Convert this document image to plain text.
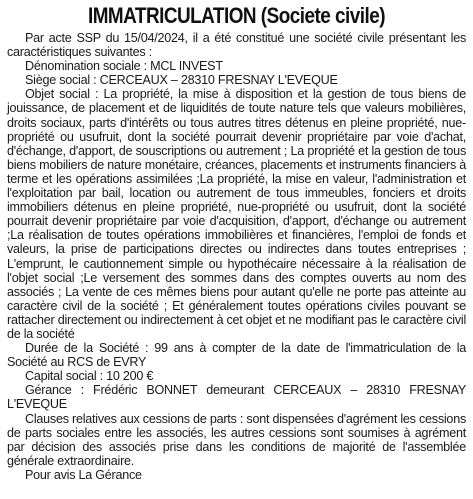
IMMATRICULATION (Societe civile)

Par acte SSP du 15/04/2024, il a été constitué une société civile présentant les caractéristiques suivantes :

Dénomination sociale : MCL INVEST

Siège social : CERCEAUX – 28310 FRESNAY L'EVEQUE

Objet social : La propriété, la mise à disposition et la gestion de tous biens de jouissance, de placement et de liquidités de toute nature tels que valeurs mobilières, droits sociaux, parts d'intérêts ou tous autres titres détenus en pleine propriété, nue-propriété ou usufruit, dont la société pourrait devenir propriétaire par voie d'achat, d'échange, d'apport, de souscriptions ou autrement ; La propriété et la gestion de tous biens mobiliers de nature monétaire, créances, placements et instruments financiers à terme et les opérations assimilées ;La propriété, la mise en valeur, l'administration et l'exploitation par bail, location ou autrement de tous immeubles, fonciers et droits immobiliers détenus en pleine propriété, nue-propriété ou usufruit, dont la société pourrait devenir propriétaire par voie d'acquisition, d'apport, d'échange ou autrement ;La réalisation de toutes opérations immobilières et financières, l'emploi de fonds et valeurs, la prise de participations directes ou indirectes dans toutes entreprises ; L'emprunt, le cautionnement simple ou hypothécaire nécessaire à la réalisation de l'objet social ;Le versement des sommes dans des comptes ouverts au nom des associés ; La vente de ces mêmes biens pour autant qu'elle ne porte pas atteinte au caractère civil de la société ; Et généralement toutes opérations civiles pouvant se rattacher directement ou indirectement à cet objet et ne modifiant pas le caractère civil de la société

Durée de la Société : 99 ans à compter de la date de l'immatriculation de la Société au RCS de EVRY

Capital social : 10 200 €

Gérance : Frédéric BONNET demeurant CERCEAUX – 28310 FRESNAY L'EVEQUE

Clauses relatives aux cessions de parts : sont dispensées d'agrément les cessions de parts sociales entre les associés, les autres cessions sont soumises à agrément par décision des associés prise dans les conditions de majorité de l'assemblée générale extraordinaire.

Pour avis La Gérance
